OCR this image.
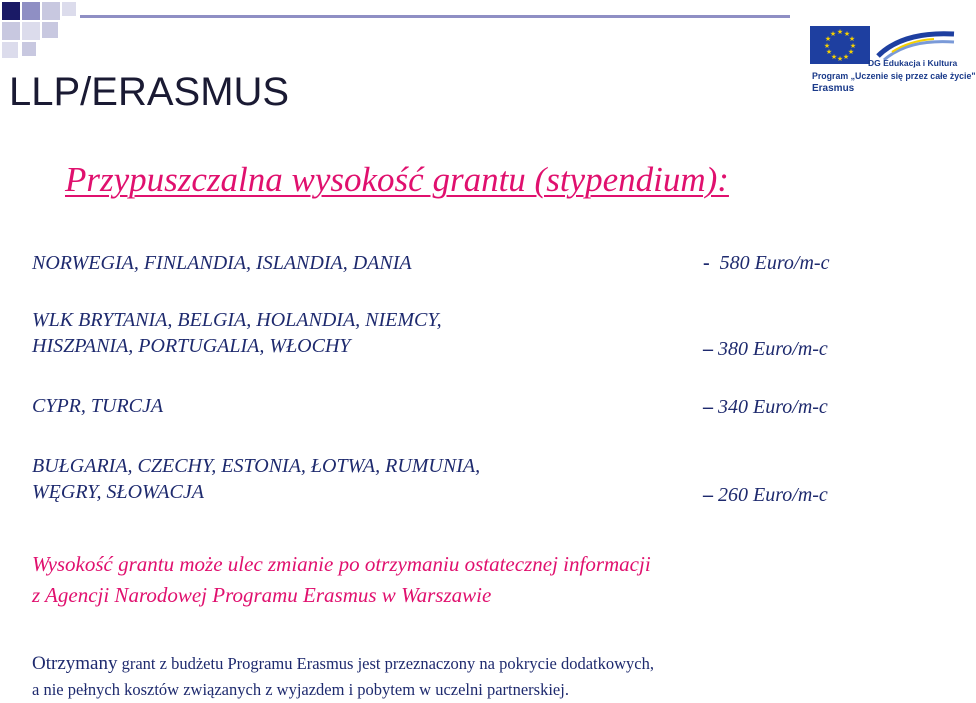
★ ★
★
★
★
★
★
★
★
★
★
★
DG Edukacja i Kultura
Program „Uczenie się przez całe życie"
Erasmus
LLP/ERASMUS
Przypuszczalna wysokość grantu (stypendium):
NORWEGIA, FINLANDIA, ISLANDIA, DANIA	- 580 Euro/m-c
WLK BRYTANIA, BELGIA, HOLANDIA, NIEMCY,
HISZPANIA, PORTUGALIA, WŁOCHY	– 380 Euro/m-c
CYPR, TURCJA	– 340 Euro/m-c
BUŁGARIA, CZECHY, ESTONIA, ŁOTWA, RUMUNIA,
WĘGRY, SŁOWACJA	– 260 Euro/m-c
Wysokość grantu może ulec zmianie po otrzymaniu ostatecznej informacji
z Agencji Narodowej Programu Erasmus w Warszawie
Otrzymany grant z budżetu Programu Erasmus jest przeznaczony na pokrycie dodatkowych,
a nie pełnych kosztów związanych z wyjazdem i pobytem w uczelni partnerskiej.
